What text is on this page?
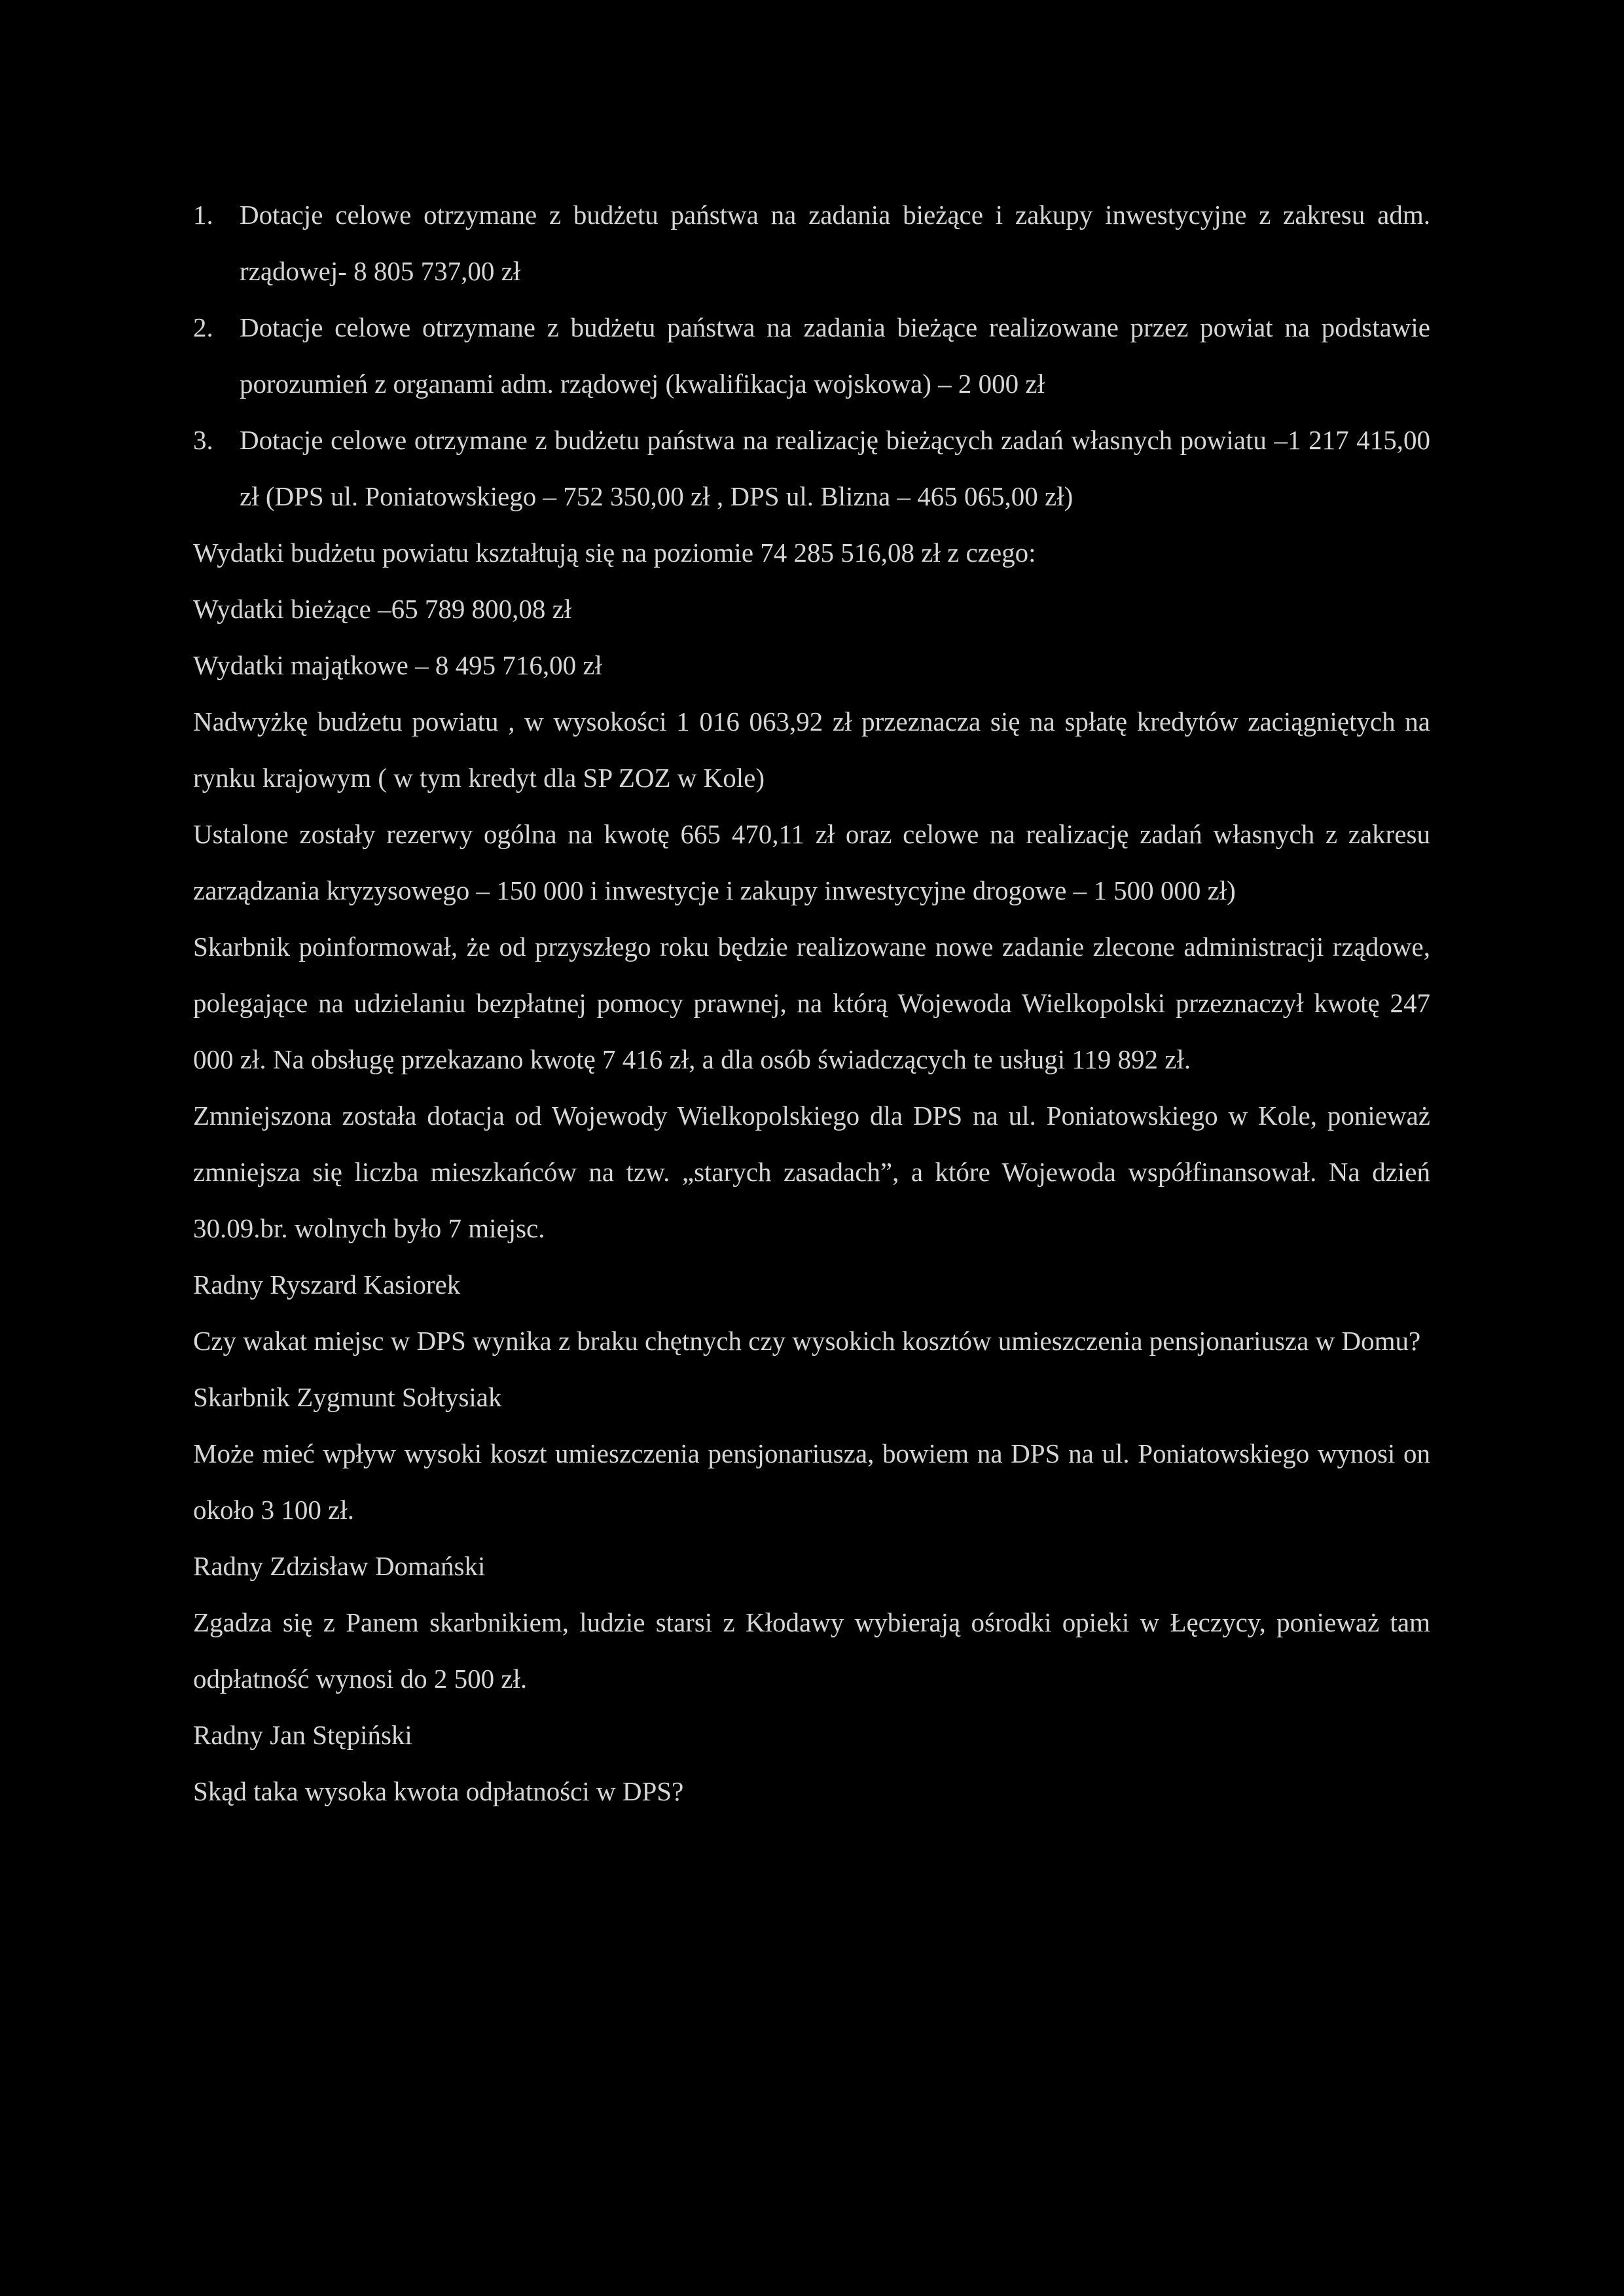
1. Dotacje celowe otrzymane z budżetu państwa na zadania bieżące i zakupy inwestycyjne z zakresu adm. rządowej- 8 805 737,00 zł
2. Dotacje celowe otrzymane z budżetu państwa na zadania bieżące realizowane przez powiat na podstawie porozumień z organami adm. rządowej (kwalifikacja wojskowa) – 2 000 zł
3. Dotacje celowe otrzymane z budżetu państwa na realizację bieżących zadań własnych powiatu –1 217 415,00 zł (DPS ul. Poniatowskiego – 752 350,00 zł , DPS ul. Blizna – 465 065,00 zł)

Wydatki budżetu powiatu kształtują się na poziomie 74 285 516,08 zł z czego:

Wydatki bieżące –65 789 800,08 zł

Wydatki majątkowe – 8 495 716,00 zł

Nadwyżkę budżetu powiatu , w wysokości 1 016 063,92 zł przeznacza się na spłatę kredytów zaciągniętych na rynku krajowym ( w tym kredyt dla SP ZOZ w Kole)

Ustalone zostały rezerwy ogólna na kwotę 665 470,11 zł oraz celowe na realizację zadań własnych z zakresu zarządzania kryzysowego – 150 000 i inwestycje i zakupy inwestycyjne drogowe – 1 500 000 zł)

Skarbnik poinformował, że od przyszłego roku będzie realizowane nowe zadanie zlecone administracji rządowe, polegające na udzielaniu bezpłatnej pomocy prawnej, na którą Wojewoda Wielkopolski przeznaczył kwotę 247 000 zł. Na obsługę przekazano kwotę 7 416 zł, a dla osób świadczących te usługi 119 892 zł.

Zmniejszona została dotacja od Wojewody Wielkopolskiego dla DPS na ul. Poniatowskiego w Kole, ponieważ zmniejsza się liczba mieszkańców na tzw. „starych zasadach”, a które Wojewoda współfinansował. Na dzień 30.09.br. wolnych było 7 miejsc.

Radny Ryszard Kasiorek

Czy wakat miejsc w DPS wynika z braku chętnych czy wysokich kosztów umieszczenia pensjonariusza w Domu?

Skarbnik Zygmunt Sołtysiak

Może mieć wpływ wysoki koszt umieszczenia pensjonariusza, bowiem na DPS na ul. Poniatowskiego wynosi on około 3 100 zł.

Radny Zdzisław Domański

Zgadza się z Panem skarbnikiem, ludzie starsi z Kłodawy wybierają ośrodki opieki w Łęczycy, ponieważ tam odpłatność wynosi do 2 500 zł.

Radny Jan Stępiński

Skąd taka wysoka kwota odpłatności w DPS?
